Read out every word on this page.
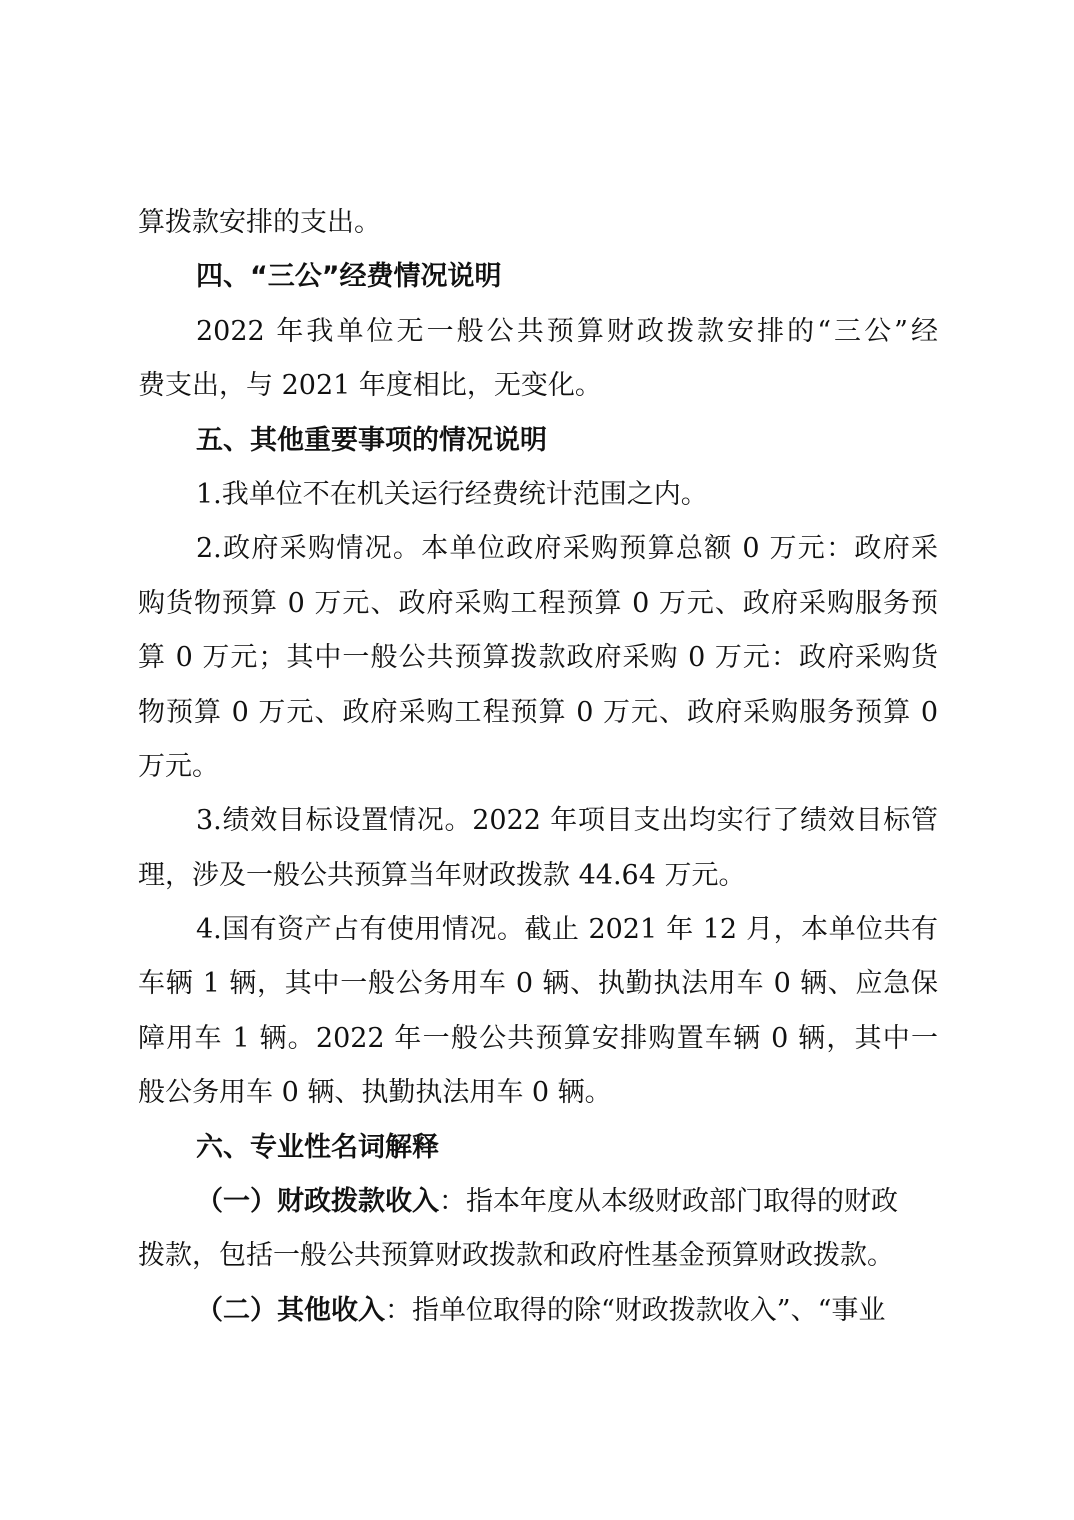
算拨款安排的支出。
四、“三公”经费情况说明
2022 年我单位无一般公共预算财政拨款安排的“三公”经
费支出，与 2021 年度相比，无变化。
五、其他重要事项的情况说明
1.我单位不在机关运行经费统计范围之内。
2.政府采购情况。本单位政府采购预算总额 0 万元：政府采
购货物预算 0 万元、政府采购工程预算 0 万元、政府采购服务预
算 0 万元；其中一般公共预算拨款政府采购 0 万元：政府采购货
物预算 0 万元、政府采购工程预算 0 万元、政府采购服务预算 0
万元。
3.绩效目标设置情况。2022 年项目支出均实行了绩效目标管
理，涉及一般公共预算当年财政拨款 44.64 万元。
4.国有资产占有使用情况。截止 2021 年 12 月，本单位共有
车辆 1 辆，其中一般公务用车 0 辆、执勤执法用车 0 辆、应急保
障用车 1 辆。2022 年一般公共预算安排购置车辆 0 辆，其中一
般公务用车 0 辆、执勤执法用车 0 辆。
六、专业性名词解释
（一）财政拨款收入：指本年度从本级财政部门取得的财政
拨款，包括一般公共预算财政拨款和政府性基金预算财政拨款。
（二）其他收入：指单位取得的除“财政拨款收入”、“事业
